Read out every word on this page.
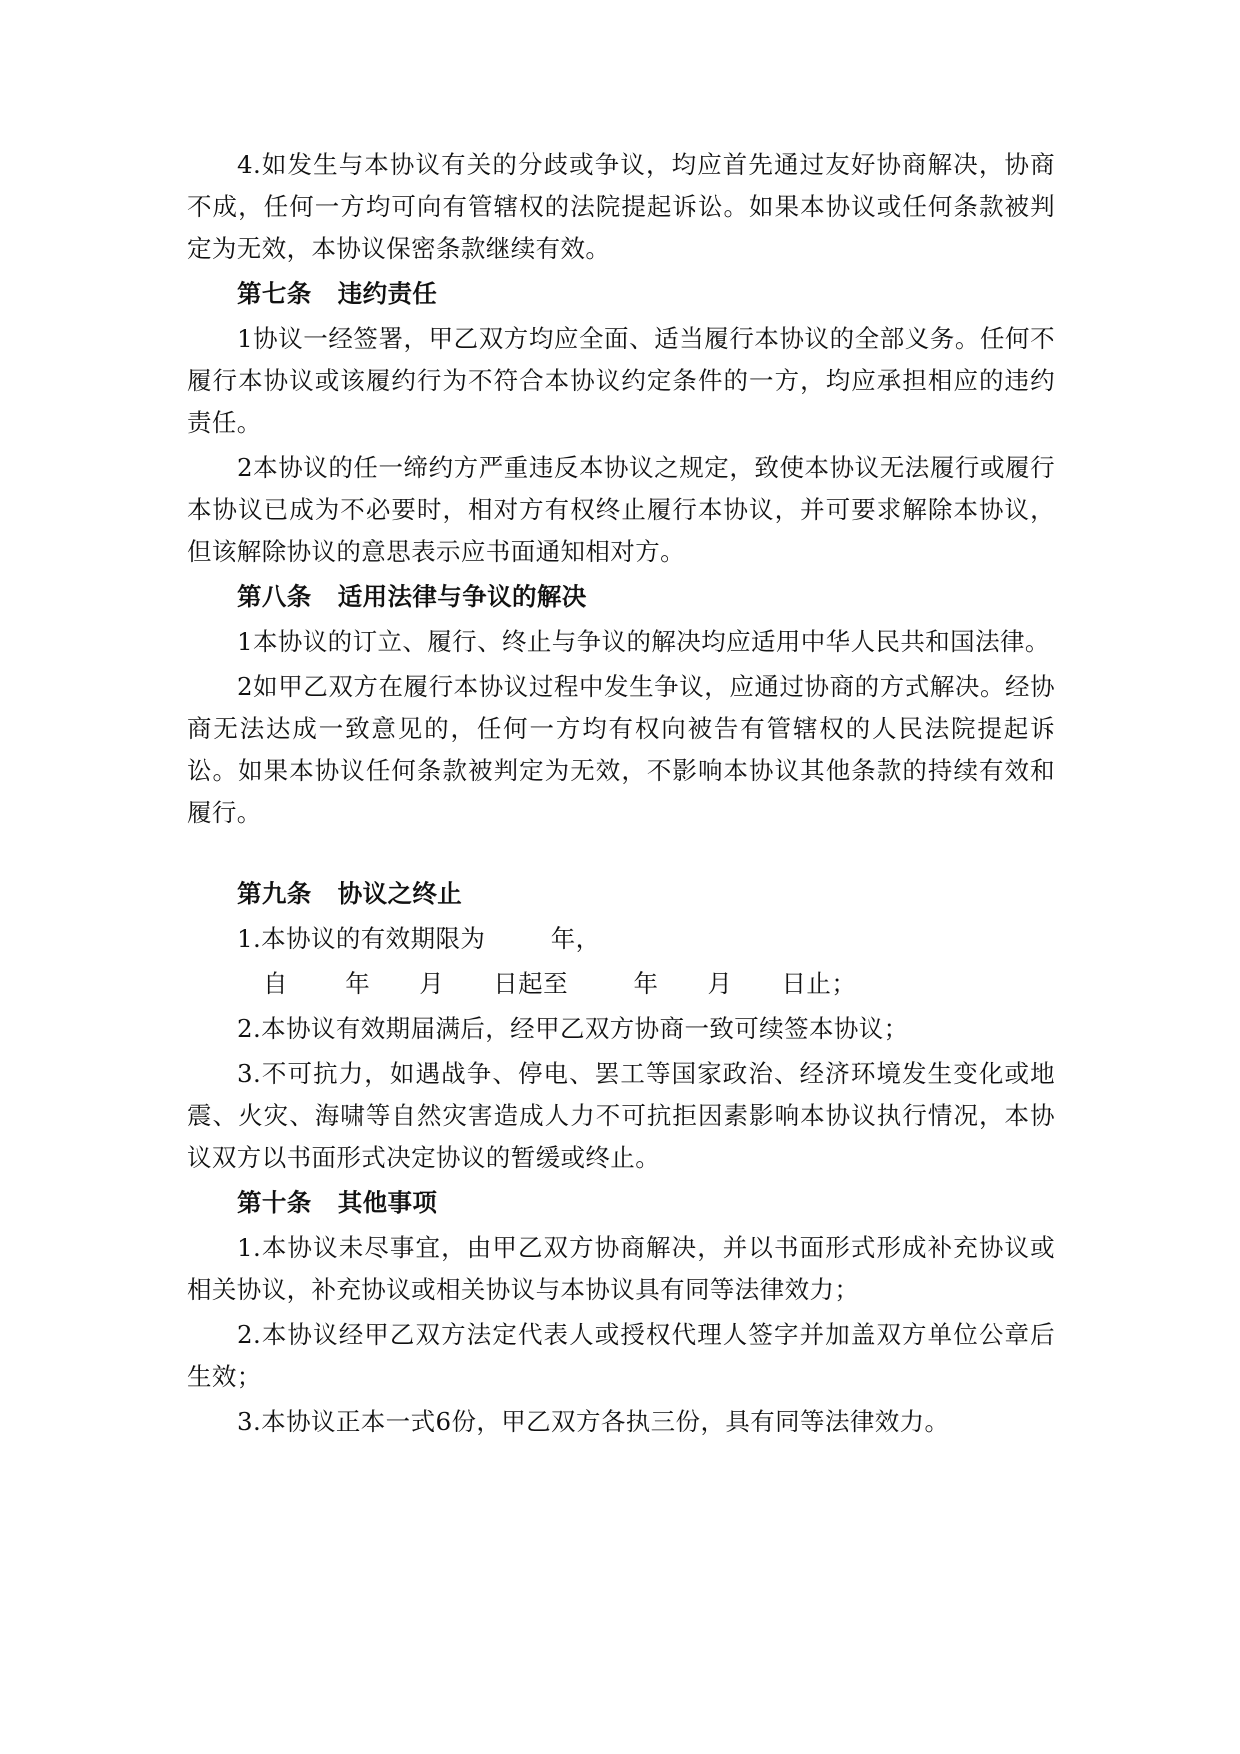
4.如发生与本协议有关的分歧或争议，均应首先通过友好协商解决，协商不成，任何一方均可向有管辖权的法院提起诉讼。如果本协议或任何条款被判定为无效，本协议保密条款继续有效。

第七条 违约责任

1协议一经签署，甲乙双方均应全面、适当履行本协议的全部义务。任何不履行本协议或该履约行为不符合本协议约定条件的一方，均应承担相应的违约责任。

2本协议的任一缔约方严重违反本协议之规定，致使本协议无法履行或履行本协议已成为不必要时，相对方有权终止履行本协议，并可要求解除本协议，但该解除协议的意思表示应书面通知相对方。

第八条 适用法律与争议的解决

1本协议的订立、履行、终止与争议的解决均应适用中华人民共和国法律。

2如甲乙双方在履行本协议过程中发生争议，应通过协商的方式解决。经协商无法达成一致意见的，任何一方均有权向被告有管辖权的人民法院提起诉讼。如果本协议任何条款被判定为无效，不影响本协议其他条款的持续有效和履行。

第九条 协议之终止

1.本协议的有效期限为        年，

自       年      月      日起至        年      月      日止；

2.本协议有效期届满后，经甲乙双方协商一致可续签本协议；

3.不可抗力，如遇战争、停电、罢工等国家政治、经济环境发生变化或地震、火灾、海啸等自然灾害造成人力不可抗拒因素影响本协议执行情况，本协议双方以书面形式决定协议的暂缓或终止。

第十条 其他事项

1.本协议未尽事宜，由甲乙双方协商解决，并以书面形式形成补充协议或相关协议，补充协议或相关协议与本协议具有同等法律效力；

2.本协议经甲乙双方法定代表人或授权代理人签字并加盖双方单位公章后生效；

3.本协议正本一式6份，甲乙双方各执三份，具有同等法律效力。
